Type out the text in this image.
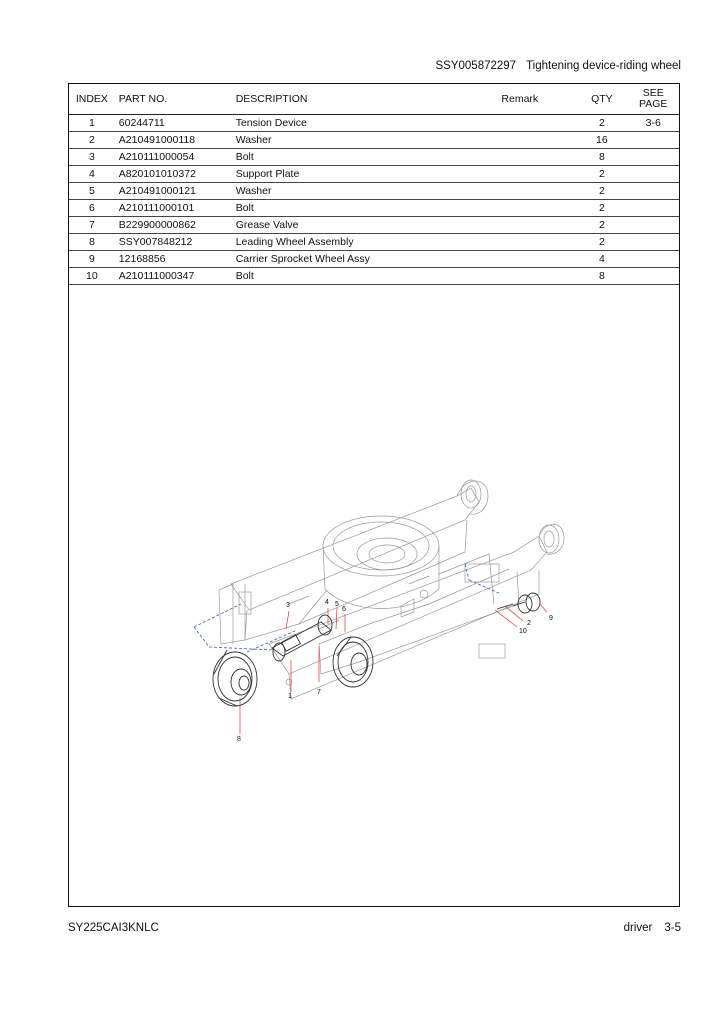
SSY005872297 Tightening device-riding wheel
INDEX	PART NO.	DESCRIPTION	Remark	QTY	SEE PAGE
1	60244711	Tension Device		2	3-6
2	A210491000118	Washer		16	
3	A210111000054	Bolt		8	
4	A820101010372	Support Plate		2	
5	A210491000121	Washer		2	
6	A210111000101	Bolt		2	
7	B229900000862	Grease Valve		2	
8	SSY007848212	Leading Wheel Assembly		2	
9	12168856	Carrier Sprocket Wheel Assy		4	
10	A210111000347	Bolt		8	
1
2
3	4 5
6
7
8
9
10
SY225CAI3KNLC	driver 3-5
